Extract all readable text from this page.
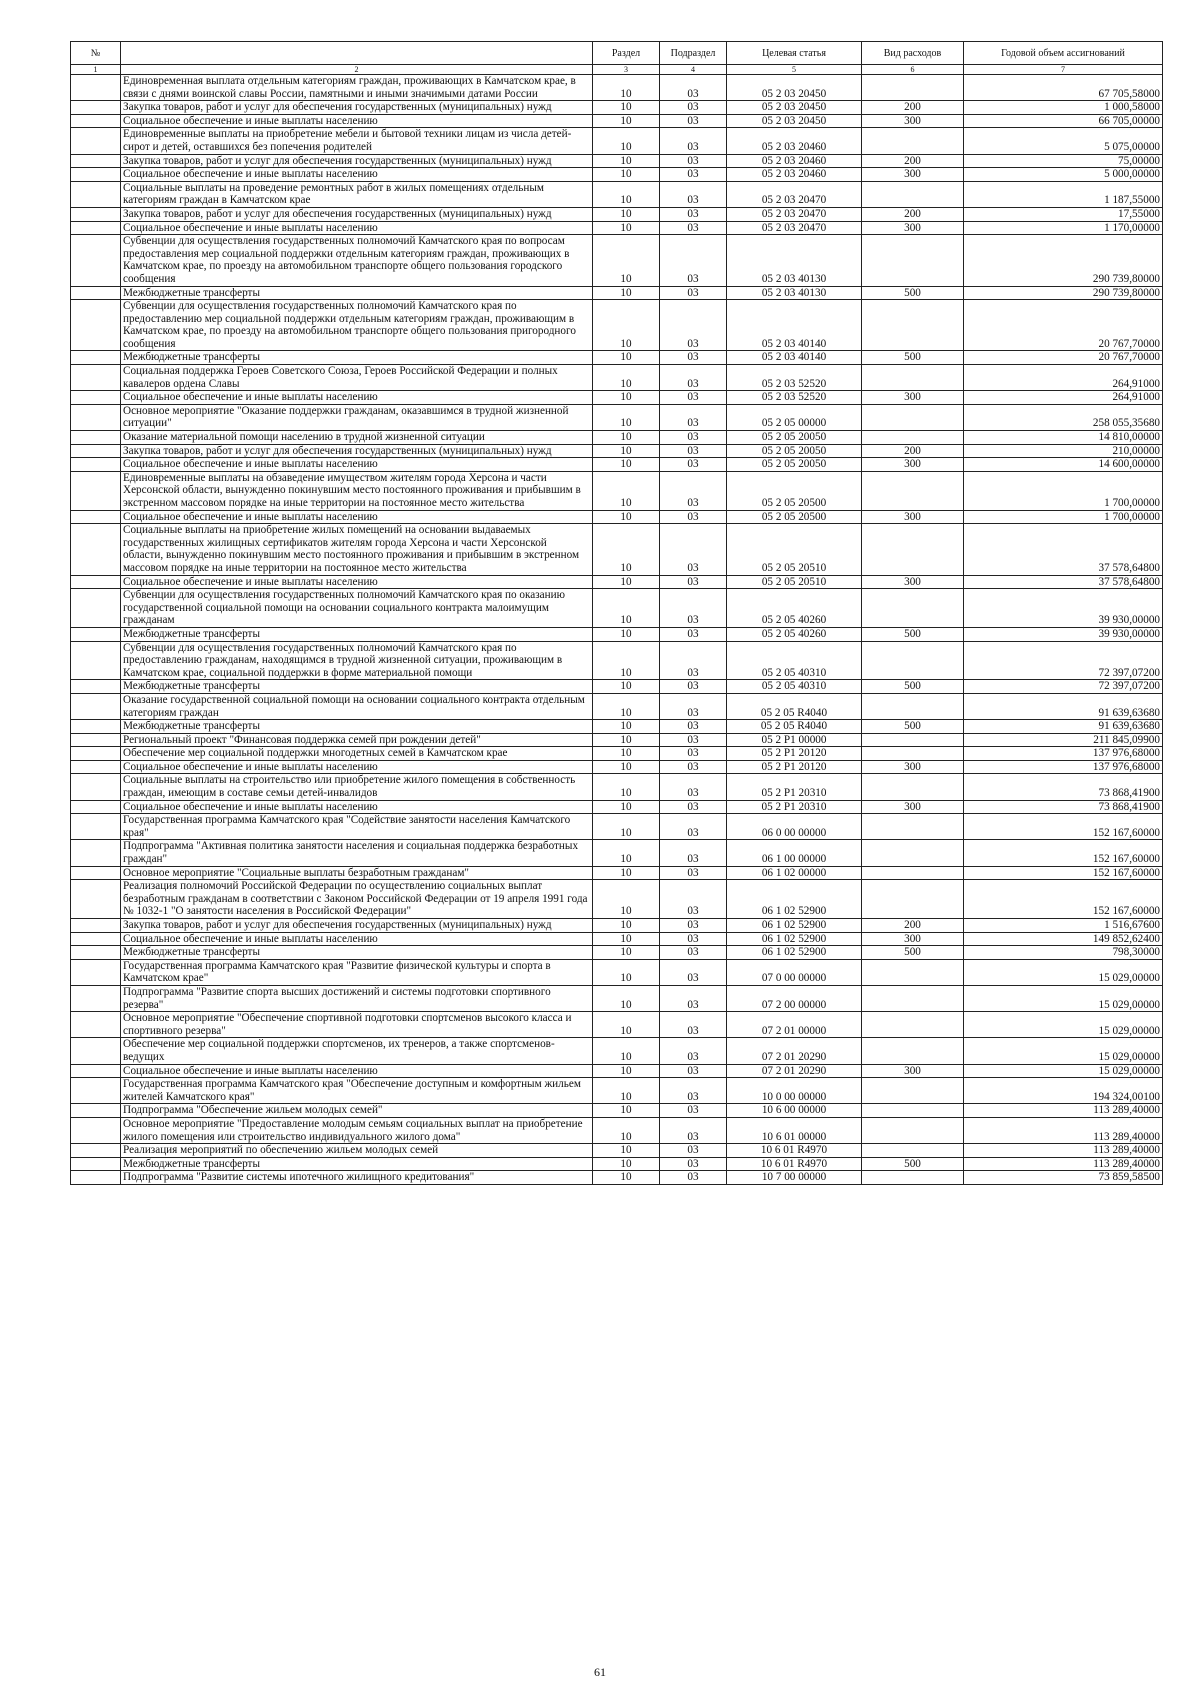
№		Раздел	Подраздел	Целевая статья	Вид расходов	Годовой объем ассигнований
1	2	3	4	5	6	7
	Единовременная выплата отдельным категориям граждан, проживающих в Камчатском крае, в связи с днями воинской славы России, памятными и иными значимыми датами России	10	03	05 2 03 20450		67 705,58000
	Закупка товаров, работ и услуг для обеспечения государственных (муниципальных) нужд	10	03	05 2 03 20450	200	1 000,58000
	Социальное обеспечение и иные выплаты населению	10	03	05 2 03 20450	300	66 705,00000
	Единовременные выплаты на приобретение мебели и бытовой техники лицам из числа детей-сирот и детей, оставшихся без попечения родителей	10	03	05 2 03 20460		5 075,00000
	Закупка товаров, работ и услуг для обеспечения государственных (муниципальных) нужд	10	03	05 2 03 20460	200	75,00000
	Социальное обеспечение и иные выплаты населению	10	03	05 2 03 20460	300	5 000,00000
	Социальные выплаты на проведение ремонтных работ в жилых помещениях отдельным категориям граждан в Камчатском крае	10	03	05 2 03 20470		1 187,55000
	Закупка товаров, работ и услуг для обеспечения государственных (муниципальных) нужд	10	03	05 2 03 20470	200	17,55000
	Социальное обеспечение и иные выплаты населению	10	03	05 2 03 20470	300	1 170,00000
	Субвенции для осуществления государственных полномочий Камчатского края по вопросам предоставления мер социальной поддержки отдельным категориям граждан, проживающих в Камчатском крае, по проезду на автомобильном транспорте общего пользования городского сообщения	10	03	05 2 03 40130		290 739,80000
	Межбюджетные трансферты	10	03	05 2 03 40130	500	290 739,80000
	Субвенции для осуществления государственных полномочий Камчатского края по предоставлению мер социальной поддержки отдельным категориям граждан, проживающим в Камчатском крае, по проезду на автомобильном транспорте общего пользования пригородного сообщения	10	03	05 2 03 40140		20 767,70000
	Межбюджетные трансферты	10	03	05 2 03 40140	500	20 767,70000
	Социальная поддержка Героев Советского Союза, Героев Российской Федерации и полных кавалеров ордена Славы	10	03	05 2 03 52520		264,91000
	Социальное обеспечение и иные выплаты населению	10	03	05 2 03 52520	300	264,91000
	Основное мероприятие "Оказание поддержки гражданам, оказавшимся в трудной жизненной ситуации"	10	03	05 2 05 00000		258 055,35680
	Оказание материальной помощи населению в трудной жизненной ситуации	10	03	05 2 05 20050		14 810,00000
	Закупка товаров, работ и услуг для обеспечения государственных (муниципальных) нужд	10	03	05 2 05 20050	200	210,00000
	Социальное обеспечение и иные выплаты населению	10	03	05 2 05 20050	300	14 600,00000
	Единовременные выплаты на обзаведение имуществом жителям города Херсона и части Херсонской области, вынужденно покинувшим место постоянного проживания и прибывшим в экстренном массовом порядке на иные территории на постоянное место жительства	10	03	05 2 05 20500		1 700,00000
	Социальное обеспечение и иные выплаты населению	10	03	05 2 05 20500	300	1 700,00000
	Социальные выплаты на приобретение жилых помещений на основании выдаваемых государственных жилищных сертификатов жителям города Херсона и части Херсонской области, вынужденно покинувшим место постоянного проживания и прибывшим в экстренном массовом порядке на иные территории на постоянное место жительства	10	03	05 2 05 20510		37 578,64800
	Социальное обеспечение и иные выплаты населению	10	03	05 2 05 20510	300	37 578,64800
	Субвенции для осуществления государственных полномочий Камчатского края по оказанию государственной социальной помощи на основании социального контракта малоимущим гражданам	10	03	05 2 05 40260		39 930,00000
	Межбюджетные трансферты	10	03	05 2 05 40260	500	39 930,00000
	Субвенции для осуществления государственных полномочий Камчатского края по предоставлению гражданам, находящимся в трудной жизненной ситуации, проживающим в Камчатском крае, социальной поддержки в форме материальной помощи	10	03	05 2 05 40310		72 397,07200
	Межбюджетные трансферты	10	03	05 2 05 40310	500	72 397,07200
	Оказание государственной социальной помощи на основании социального контракта отдельным категориям граждан	10	03	05 2 05 R4040		91 639,63680
	Межбюджетные трансферты	10	03	05 2 05 R4040	500	91 639,63680
	Региональный проект "Финансовая поддержка семей при рождении детей"	10	03	05 2 P1 00000		211 845,09900
	Обеспечение мер социальной поддержки многодетных семей в Камчатском крае	10	03	05 2 P1 20120		137 976,68000
	Социальное обеспечение и иные выплаты населению	10	03	05 2 P1 20120	300	137 976,68000
	Социальные выплаты на строительство или приобретение жилого помещения в собственность граждан, имеющим в составе семьи детей-инвалидов	10	03	05 2 P1 20310		73 868,41900
	Социальное обеспечение и иные выплаты населению	10	03	05 2 P1 20310	300	73 868,41900
	Государственная программа Камчатского края "Содействие занятости населения Камчатского края"	10	03	06 0 00 00000		152 167,60000
	Подпрограмма "Активная политика занятости населения и социальная поддержка безработных граждан"	10	03	06 1 00 00000		152 167,60000
	Основное мероприятие "Социальные выплаты безработным гражданам"	10	03	06 1 02 00000		152 167,60000
	Реализация полномочий Российской Федерации по осуществлению социальных выплат безработным гражданам в соответствии с Законом Российской Федерации от 19 апреля 1991 года № 1032-1 "О занятости населения в Российской Федерации"	10	03	06 1 02 52900		152 167,60000
	Закупка товаров, работ и услуг для обеспечения государственных (муниципальных) нужд	10	03	06 1 02 52900	200	1 516,67600
	Социальное обеспечение и иные выплаты населению	10	03	06 1 02 52900	300	149 852,62400
	Межбюджетные трансферты	10	03	06 1 02 52900	500	798,30000
	Государственная программа Камчатского края "Развитие физической культуры и спорта в Камчатском крае"	10	03	07 0 00 00000		15 029,00000
	Подпрограмма "Развитие спорта высших достижений и системы подготовки спортивного резерва"	10	03	07 2 00 00000		15 029,00000
	Основное мероприятие "Обеспечение спортивной подготовки спортсменов высокого класса и спортивного резерва"	10	03	07 2 01 00000		15 029,00000
	Обеспечение мер социальной поддержки спортсменов, их тренеров, а также спортсменов-ведущих	10	03	07 2 01 20290		15 029,00000
	Социальное обеспечение и иные выплаты населению	10	03	07 2 01 20290	300	15 029,00000
	Государственная программа Камчатского края "Обеспечение доступным и комфортным жильем жителей Камчатского края"	10	03	10 0 00 00000		194 324,00100
	Подпрограмма "Обеспечение жильем молодых семей"	10	03	10 6 00 00000		113 289,40000
	Основное мероприятие "Предоставление молодым семьям социальных выплат на приобретение жилого помещения или строительство индивидуального жилого дома"	10	03	10 6 01 00000		113 289,40000
	Реализация мероприятий по обеспечению жильем молодых семей	10	03	10 6 01 R4970		113 289,40000
	Межбюджетные трансферты	10	03	10 6 01 R4970	500	113 289,40000
	Подпрограмма "Развитие системы ипотечного жилищного кредитования"	10	03	10 7 00 00000		73 859,58500
61
